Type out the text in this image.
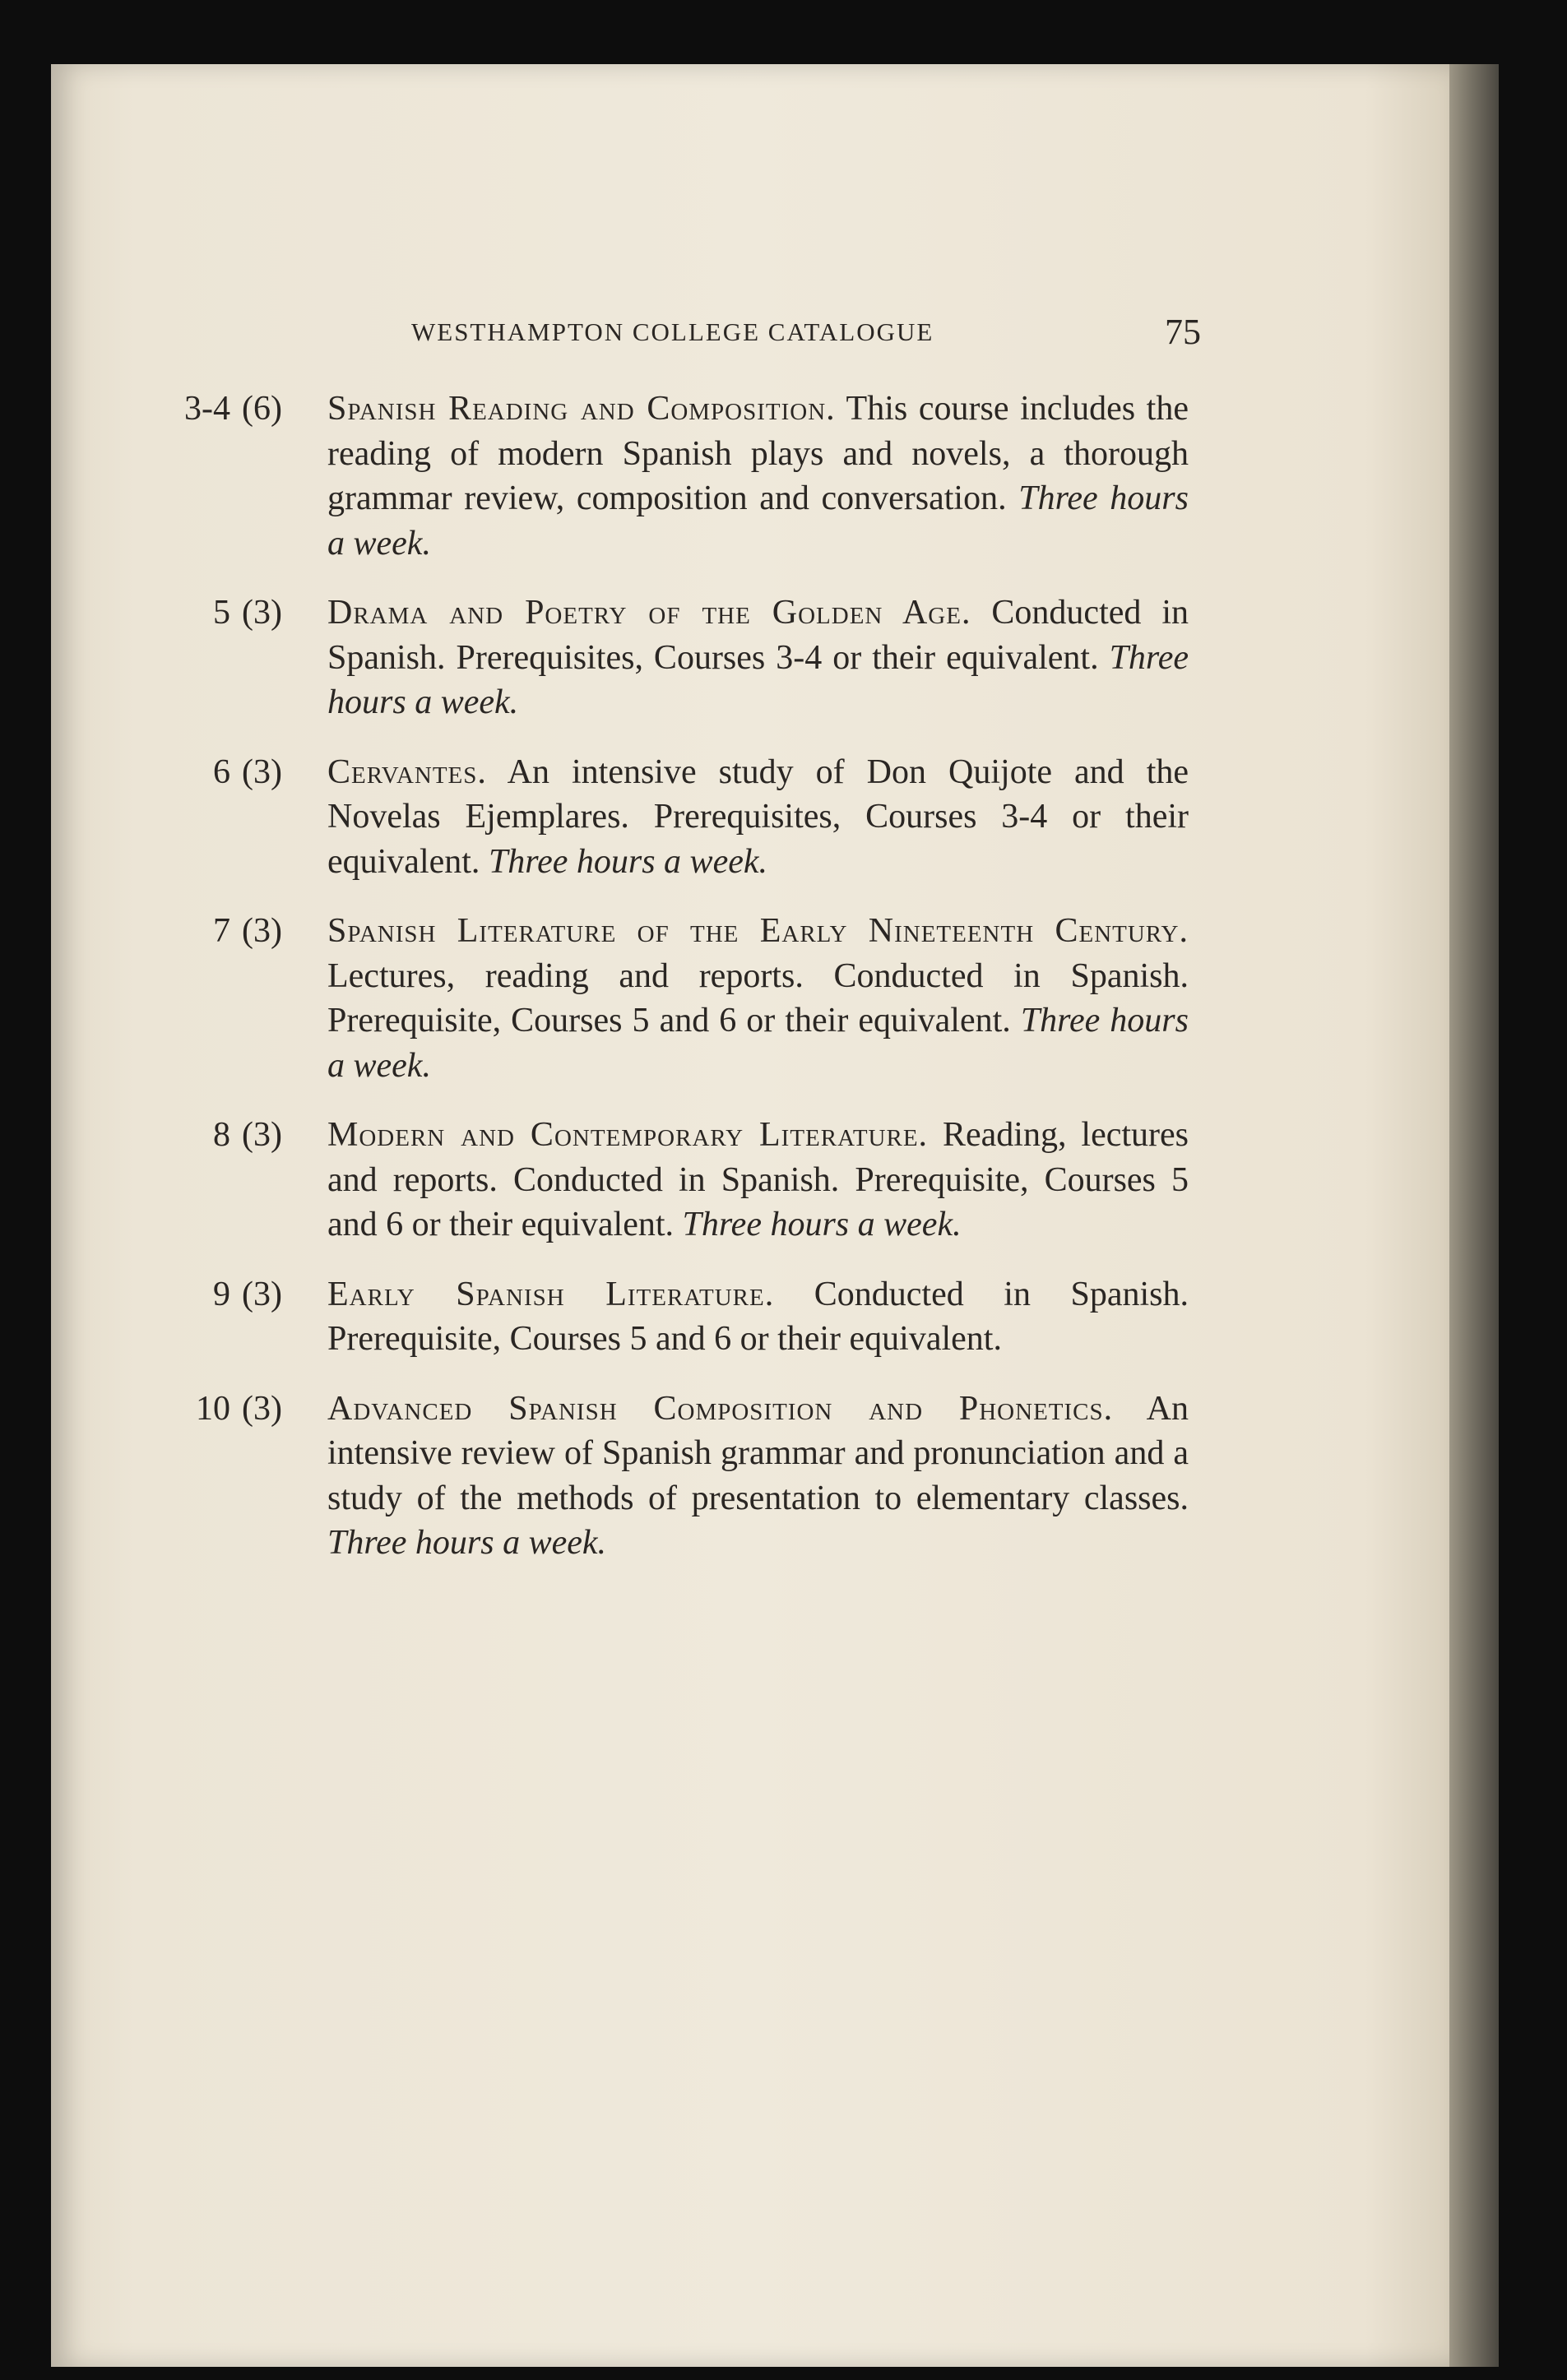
WESTHAMPTON COLLEGE CATALOGUE	75
3-4 (6)	Spanish Reading and Composition. This course includes the reading of modern Spanish plays and novels, a thorough grammar review, composition and conversation. Three hours a week.
5 (3)	Drama and Poetry of the Golden Age. Conducted in Spanish. Prerequisites, Courses 3-4 or their equivalent. Three hours a week.
6 (3)	Cervantes. An intensive study of Don Quijote and the Novelas Ejemplares. Prerequisites, Courses 3-4 or their equivalent. Three hours a week.
7 (3)	Spanish Literature of the Early Nineteenth Century. Lectures, reading and reports. Conducted in Spanish. Prerequisite, Courses 5 and 6 or their equivalent. Three hours a week.
8 (3)	Modern and Contemporary Literature. Reading, lectures and reports. Conducted in Spanish. Prerequisite, Courses 5 and 6 or their equivalent. Three hours a week.
9 (3)	Early Spanish Literature. Conducted in Spanish. Prerequisite, Courses 5 and 6 or their equivalent.
10 (3)	Advanced Spanish Composition and Phonetics. An intensive review of Spanish grammar and pronunciation and a study of the methods of presentation to elementary classes. Three hours a week.
